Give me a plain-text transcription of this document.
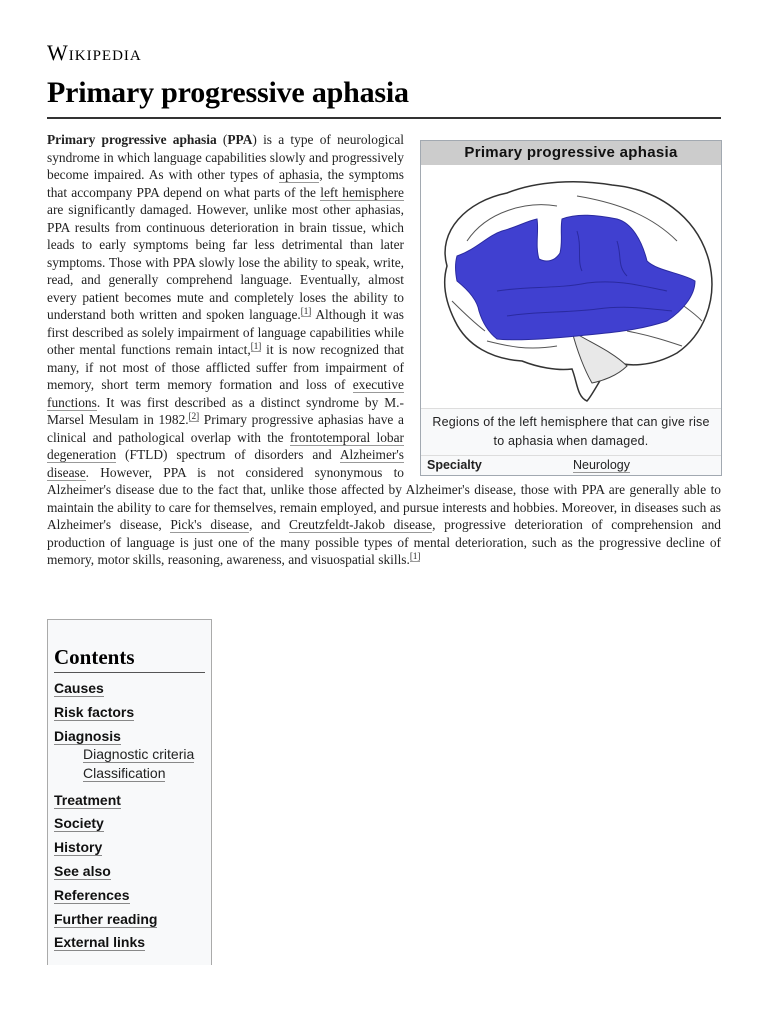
Wikipedia
Primary progressive aphasia

Primary progressive aphasia (PPA) is a type of neurological syndrome in which language capabilities slowly and progressively become impaired. As with other types of aphasia, the symptoms that accompany PPA depend on what parts of the left hemisphere are significantly damaged. However, unlike most other aphasias, PPA results from continuous deterioration in brain tissue, which leads to early symptoms being far less detrimental than later symptoms. Those with PPA slowly lose the ability to speak, write, read, and generally comprehend language. Eventually, almost every patient becomes mute and completely loses the ability to understand both written and spoken language.[1] Although it was first described as solely impairment of language capabilities while other mental functions remain intact,[1] it is now recognized that many, if not most of those afflicted suffer from impairment of memory, short term memory formation and loss of executive functions. It was first described as a distinct syndrome by M.-Marsel Mesulam in 1982.[2] Primary progressive aphasias have a clinical and pathological overlap with the frontotemporal lobar degeneration (FTLD) spectrum of disorders and Alzheimer's disease. However, PPA is not considered synonymous to Alzheimer's disease due to the fact that, unlike those affected by Alzheimer's disease, those with PPA are generally able to maintain the ability to care for themselves, remain employed, and pursue interests and hobbies. Moreover, in diseases such as Alzheimer's disease, Pick's disease, and Creutzfeldt-Jakob disease, progressive deterioration of comprehension and production of language is just one of the many possible types of mental deterioration, such as the progressive decline of memory, motor skills, reasoning, awareness, and visuospatial skills.[1]

Primary progressive aphasia
Regions of the left hemisphere that can give rise to aphasia when damaged.
Specialty	Neurology
Contents
Causes
Risk factors
Diagnosis
Diagnostic criteria
Classification
Treatment
Society
History
See also
References
Further reading
External links
